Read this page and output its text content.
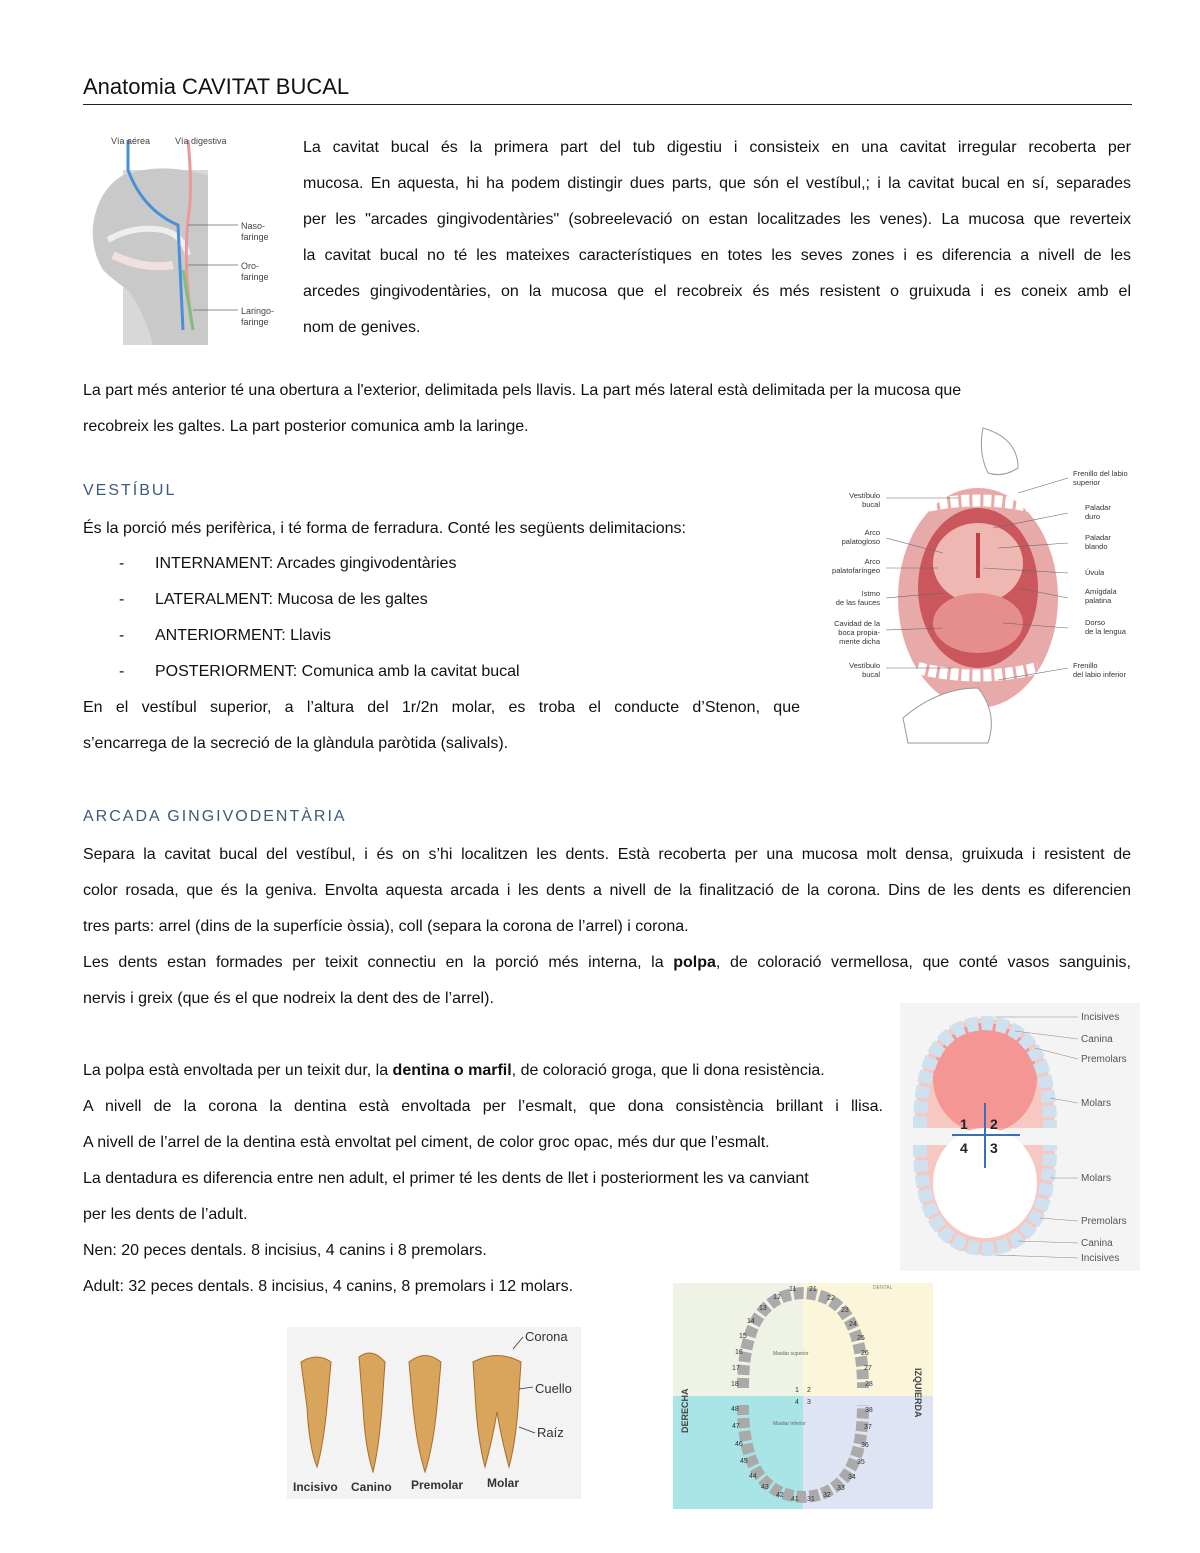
Anatomia CAVITAT BUCAL
Vía aérea	Vía digestiva
Naso-
faringe
Oro-
faringe
Laringo-
faringe
La cavitat bucal és la primera part del tub digestiu i consisteix en una cavitat irregular recoberta per
mucosa. En aquesta, hi ha podem distingir dues parts, que són el vestíbul,; i la cavitat bucal en sí, separades
per les "arcades gingivodentàries" (sobreelevació on estan localitzades les venes). La mucosa que reverteix
la cavitat bucal no té les mateixes característiques en totes les seves zones i es diferencia a nivell de les
arcedes gingivodentàries, on la mucosa que el recobreix és més resistent o gruixuda i es coneix amb el
nom de genives.
La part més anterior té una obertura a l'exterior, delimitada pels llavis. La part més lateral està delimitada per la mucosa que
recobreix les galtes. La part posterior comunica amb la laringe.
VESTÍBUL
És la porció més perifèrica, i té forma de ferradura. Conté les següents delimitacions:
- INTERNAMENT: Arcades gingivodentàries
- LATERALMENT: Mucosa de les galtes
- ANTERIORMENT: Llavis
- POSTERIORMENT: Comunica amb la cavitat bucal
En el vestíbul superior, a l’altura del 1r/2n molar, es troba el conducte d’Stenon, que
s’encarrega de la secreció de la glàndula paròtida (salivals).
Vestíbulo
bucal
Arco
palatogloso
Arco
palatofaríngeo
Istmo
de las fauces
Cavidad de la
boca propia-
mente dicha
Vestíbulo
bucal
Frenillo del labio
superior
Paladar
duro
Paladar
blando
Úvula
Amígdala
palatina
Dorso
de la lengua
Frenillo
del labio inferior
ARCADA GINGIVODENTÀRIA
Separa la cavitat bucal del vestíbul, i és on s’hi localitzen les dents. Està recoberta per una mucosa molt densa, gruixuda i resistent de
color rosada, que és la geniva. Envolta aquesta arcada i les dents a nivell de la finalització de la corona. Dins de les dents es diferencien
tres parts: arrel (dins de la superfície òssia), coll (separa la corona de l’arrel) i corona.
Les dents estan formades per teixit connectiu en la porció més interna, la polpa, de coloració vermellosa, que conté vasos sanguinis,
nervis i greix (que és el que nodreix la dent des de l’arrel).
La polpa està envoltada per un teixit dur, la dentina o marfil, de coloració groga, que li dona resistència.
A nivell de la corona la dentina està envoltada per l’esmalt, que dona consistència brillant i llisa.
A nivell de l’arrel de la dentina està envoltat pel ciment, de color groc opac, més dur que l’esmalt.
La dentadura es diferencia entre nen adult, el primer té les dents de llet i posteriorment les va canviant
per les dents de l’adult.
Nen: 20 peces dentals. 8 incisius, 4 canins i 8 premolars.
Adult: 32 peces dentals. 8 incisius, 4 canins, 8 premolars i 12 molars.
1 2
4 3
Incisives
Canina
Premolars
Molars
Molars
Premolars
Canina
Incisives
Corona
Cuello
Raíz
Incisivo Canino Premolar Molar
DERECHA	IZQUIERDA
DENTAL
Maxilar superior
Maxilar inferior
11
12
13
14
15
16
17
18
21
22
23
24
25
26
27
28
48
47
46
45
44
43
42
41 31
32
33
34
35
36
37
38
1 2
4 3
